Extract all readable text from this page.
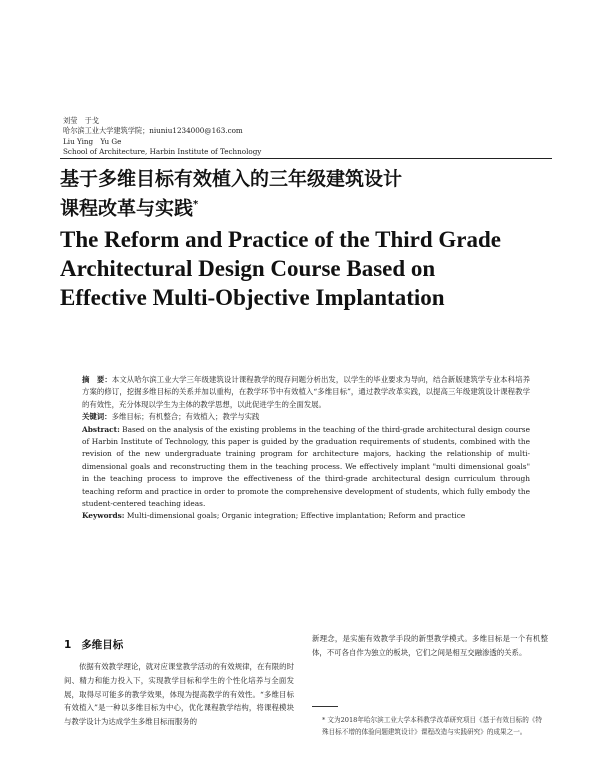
刘莹　于戈
哈尔滨工业大学建筑学院；niuniu1234000@163.com
Liu Ying　Yu Ge
School of Architecture, Harbin Institute of Technology
基于多维目标有效植入的三年级建筑设计
课程改革与实践*
The Reform and Practice of the Third Grade
Architectural Design Course Based on
Effective Multi-Objective Implantation
摘　要：本文从哈尔滨工业大学三年级建筑设计课程教学的现存问题分析出发，以学生的毕业要求为导向，结合新版建筑学专业本科培养方案的修订，挖掘多维目标的关系并加以重构，在教学环节中有效植入“多维目标”，通过教学改革实践，以提高三年级建筑设计课程教学的有效性，充分体现以学生为主体的教学思想，以此促进学生的全面发展。
关键词：多维目标；有机整合；有效植入；教学与实践
Abstract: Based on the analysis of the existing problems in the teaching of the third-grade architectural design course of Harbin Institute of Technology, this paper is guided by the graduation requirements of students, combined with the revision of the new undergraduate training program for architecture majors, hacking the relationship of multi-dimensional goals and reconstructing them in the teaching process. We effectively implant "multi dimensional goals" in the teaching process to improve the effectiveness of the third-grade architectural design curriculum through teaching reform and practice in order to promote the comprehensive development of students, which fully embody the student-centered teaching ideas.
Keywords: Multi-dimensional goals; Organic integration; Effective implantation; Reform and practice
1 多维目标
依据有效教学理论，就对应课堂教学活动的有效规律，在有限的时间、精力和能力投入下，实现教学目标和学生的个性化培养与全面发展，取得尽可能多的教学效果，体现为提高教学的有效性。“多维目标有效植入”是一种以多维目标为中心，优化课程教学结构，将课程模块与教学设计为达成学生多维目标而服务的
新理念，是实施有效教学手段的新型教学模式。多维目标是一个有机整体，不可各自作为独立的板块，它们之间是相互交融渗透的关系。
* 文为2018年哈尔滨工业大学本科教学改革研究项目《基于有效目标的《特殊目标不增的体验问题建筑设计》课程改造与实践研究》的成果之一。
